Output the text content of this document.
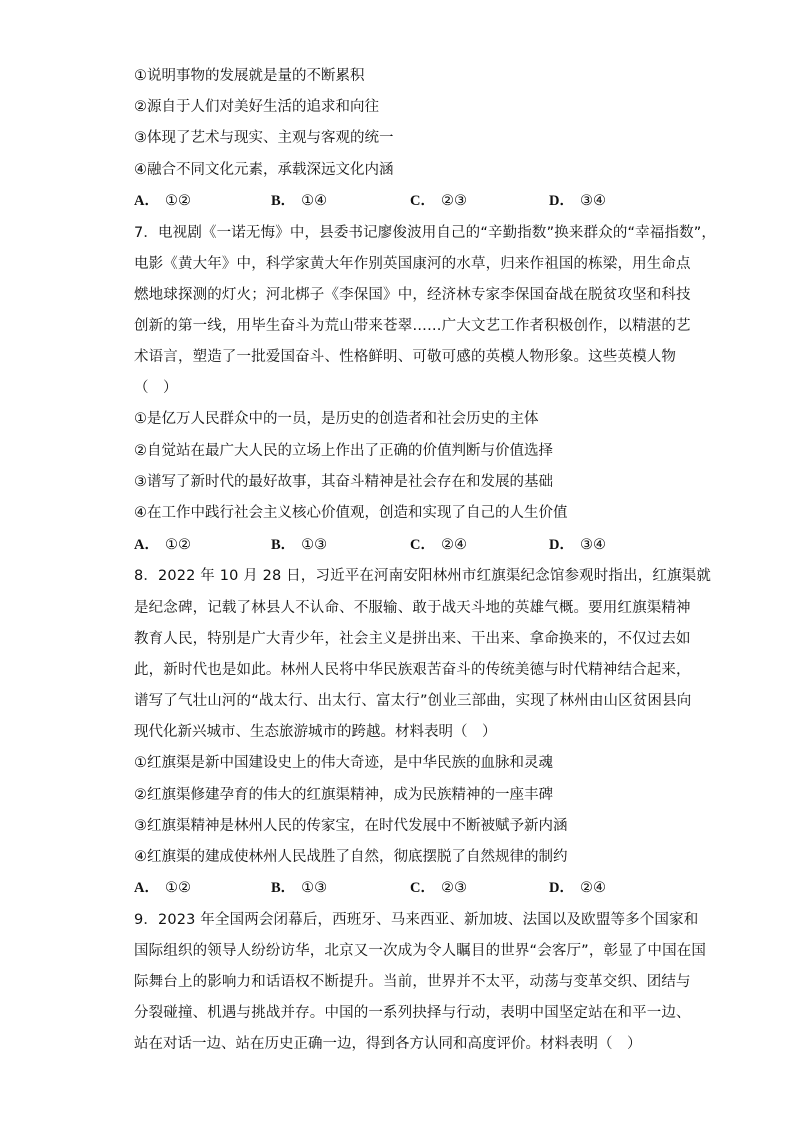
①说明事物的发展就是量的不断累积
②源自于人们对美好生活的追求和向往
③体现了艺术与现实、主观与客观的统一
④融合不同文化元素，承载深远文化内涵
A． ①②	B． ①④	C． ②③	D． ③④
7．电视剧《一诺无悔》中，县委书记廖俊波用自己的“辛勤指数”换来群众的“幸福指数”，
电影《黄大年》中，科学家黄大年作别英国康河的水草，归来作祖国的栋梁，用生命点
燃地球探测的灯火；河北梆子《李保国》中，经济林专家李保国奋战在脱贫攻坚和科技
创新的第一线，用毕生奋斗为荒山带来苍翠……广大文艺工作者积极创作，以精湛的艺
术语言，塑造了一批爱国奋斗、性格鲜明、可敬可感的英模人物形象。这些英模人物
（　）
①是亿万人民群众中的一员，是历史的创造者和社会历史的主体
②自觉站在最广大人民的立场上作出了正确的价值判断与价值选择
③谱写了新时代的最好故事，其奋斗精神是社会存在和发展的基础
④在工作中践行社会主义核心价值观，创造和实现了自己的人生价值
A． ①②	B． ①③	C． ②④	D． ③④
8．2022 年 10 月 28 日，习近平在河南安阳林州市红旗渠纪念馆参观时指出，红旗渠就
是纪念碑，记载了林县人不认命、不服输、敢于战天斗地的英雄气概。要用红旗渠精神
教育人民，特别是广大青少年，社会主义是拼出来、干出来、拿命换来的，不仅过去如
此，新时代也是如此。林州人民将中华民族艰苦奋斗的传统美德与时代精神结合起来，
谱写了气壮山河的“战太行、出太行、富太行”创业三部曲，实现了林州由山区贫困县向
现代化新兴城市、生态旅游城市的跨越。材料表明（　）
①红旗渠是新中国建设史上的伟大奇迹，是中华民族的血脉和灵魂
②红旗渠修建孕育的伟大的红旗渠精神，成为民族精神的一座丰碑
③红旗渠精神是林州人民的传家宝，在时代发展中不断被赋予新内涵
④红旗渠的建成使林州人民战胜了自然，彻底摆脱了自然规律的制约
A． ①②	B． ①③	C． ②③	D． ②④
9．2023 年全国两会闭幕后，西班牙、马来西亚、新加坡、法国以及欧盟等多个国家和
国际组织的领导人纷纷访华，北京又一次成为令人瞩目的世界“会客厅”，彰显了中国在国
际舞台上的影响力和话语权不断提升。当前，世界并不太平，动荡与变革交织、团结与
分裂碰撞、机遇与挑战并存。中国的一系列抉择与行动，表明中国坚定站在和平一边、
站在对话一边、站在历史正确一边，得到各方认同和高度评价。材料表明（　）
